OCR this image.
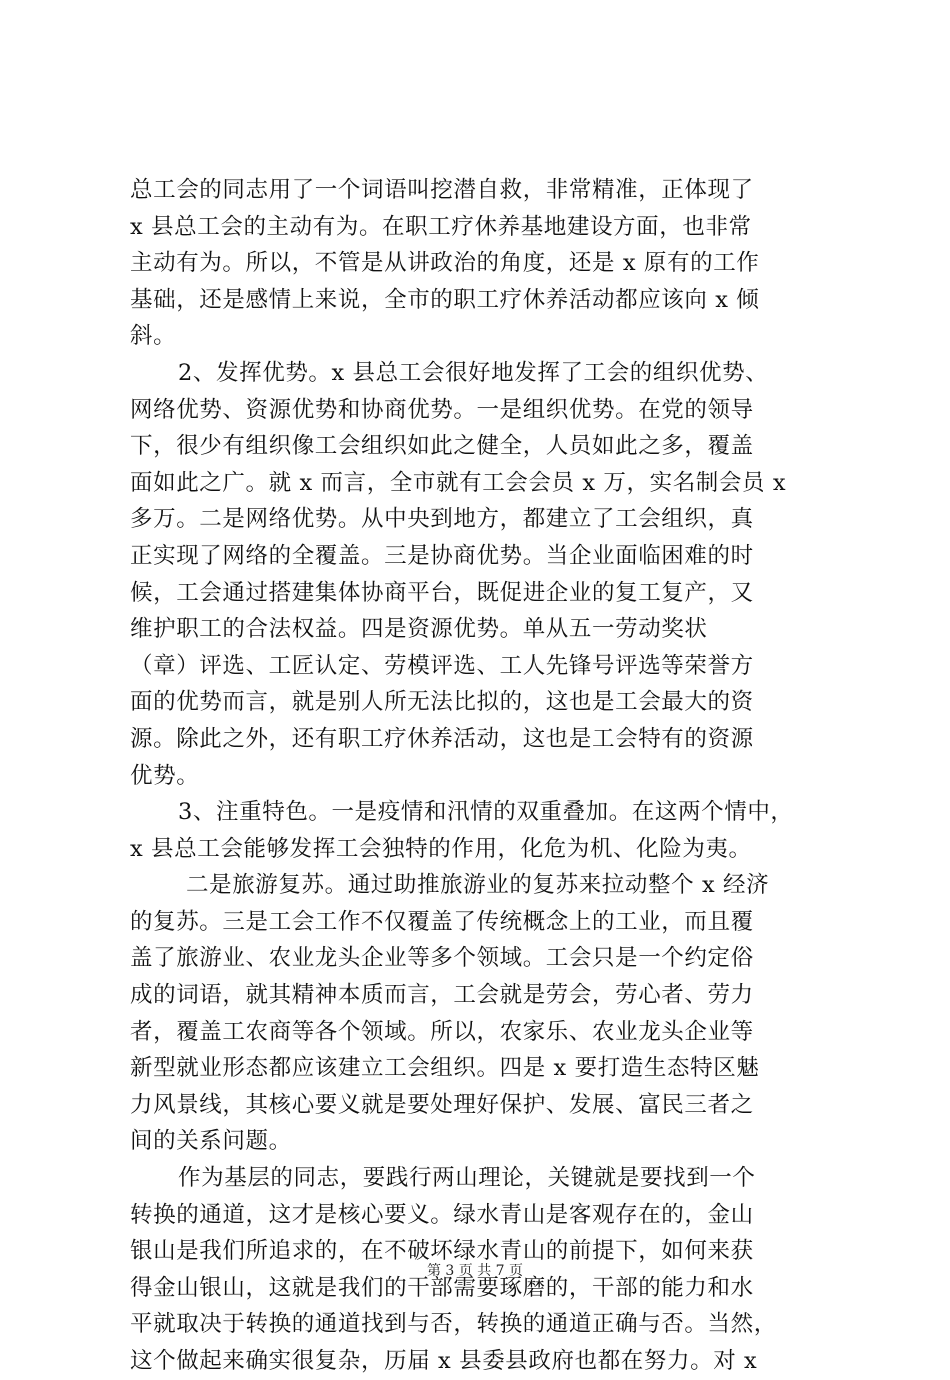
总工会的同志用了一个词语叫挖潜自救，非常精准，正体现了
x 县总工会的主动有为。在职工疗休养基地建设方面，也非常
主动有为。所以，不管是从讲政治的角度，还是 x 原有的工作
基础，还是感情上来说，全市的职工疗休养活动都应该向 x 倾
斜。
2、发挥优势。x 县总工会很好地发挥了工会的组织优势、
网络优势、资源优势和协商优势。一是组织优势。在党的领导
下，很少有组织像工会组织如此之健全，人员如此之多，覆盖
面如此之广。就 x 而言，全市就有工会会员 x 万，实名制会员 x
多万。二是网络优势。从中央到地方，都建立了工会组织，真
正实现了网络的全覆盖。三是协商优势。当企业面临困难的时
候，工会通过搭建集体协商平台，既促进企业的复工复产，又
维护职工的合法权益。四是资源优势。单从五一劳动奖状
（章）评选、工匠认定、劳模评选、工人先锋号评选等荣誉方
面的优势而言，就是别人所无法比拟的，这也是工会最大的资
源。除此之外，还有职工疗休养活动，这也是工会特有的资源
优势。
3、注重特色。一是疫情和汛情的双重叠加。在这两个情中，
x 县总工会能够发挥工会独特的作用，化危为机、化险为夷。
二是旅游复苏。通过助推旅游业的复苏来拉动整个 x 经济
的复苏。三是工会工作不仅覆盖了传统概念上的工业，而且覆
盖了旅游业、农业龙头企业等多个领域。工会只是一个约定俗
成的词语，就其精神本质而言，工会就是劳会，劳心者、劳力
者，覆盖工农商等各个领域。所以，农家乐、农业龙头企业等
新型就业形态都应该建立工会组织。四是 x 要打造生态特区魅
力风景线，其核心要义就是要处理好保护、发展、富民三者之
间的关系问题。
作为基层的同志，要践行两山理论，关键就是要找到一个
转换的通道，这才是核心要义。绿水青山是客观存在的，金山
银山是我们所追求的，在不破坏绿水青山的前提下，如何来获
得金山银山，这就是我们的干部需要琢磨的，干部的能力和水
平就取决于转换的通道找到与否，转换的通道正确与否。当然，
这个做起来确实很复杂，历届 x 县委县政府也都在努力。对 x
第 3 页 共 7 页
